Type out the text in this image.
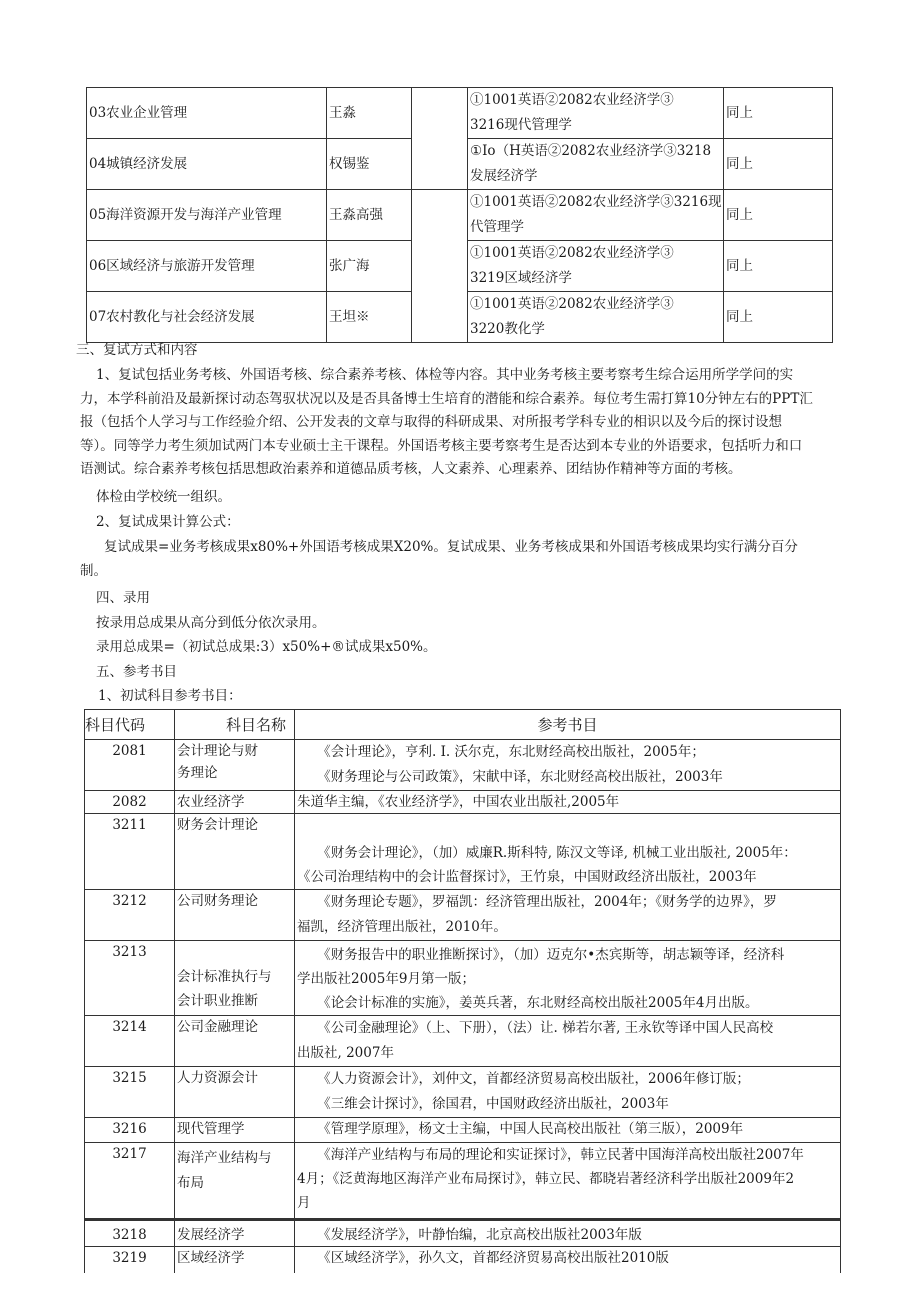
03农业企业管理	王淼		①1001英语②2082农业经济学③
3216现代管理学	同上
04城镇经济发展	权锡鉴		①Io（H英语②2082农业经济学③3218
发展经济学	同上
05海洋资源开发与海洋产业管理	王淼高强		①1001英语②2082农业经济学③3216现
代管理学	同上
06区域经济与旅游开发管理	张广海		①1001英语②2082农业经济学③
3219区域经济学	同上
07农村教化与社会经济发展	王坦※		①1001英语②2082农业经济学③
3220教化学	同上
三、复试方式和内容
1、复试包括业务考核、外国语考核、综合素养考核、体检等内容。其中业务考核主要考察考生综合运用所学学问的实
力，本学科前沿及最新探讨动态驾驭状况以及是否具备博士生培育的潜能和综合素养。每位考生需打算10分钟左右的PPT汇
报（包括个人学习与工作经验介绍、公开发表的文章与取得的科研成果、对所报考学科专业的相识以及今后的探讨设想
等）。同等学力考生须加试两门本专业硕士主干课程。外国语考核主要考察考生是否达到本专业的外语要求，包括听力和口
语测试。综合素养考核包括思想政治素养和道德品质考核，人文素养、心理素养、团结协作精神等方面的考核。
体检由学校统一组织。
2、复试成果计算公式：
复试成果=业务考核成果x80%+外国语考核成果X20%。复试成果、业务考核成果和外国语考核成果均实行满分百分
制。
四、录用
按录用总成果从高分到低分依次录用。
录用总成果=（初试总成果:3）x50%+®试成果x50%。
五、参考书目
1、初试科目参考书目：
科目代码	科目名称	参考书目
2081	会计理论与财
务理论	　　《会计理论》，亨利. I. 沃尔克，东北财经高校出版社，2005年；
　　《财务理论与公司政策》，宋献中译，东北财经高校出版社，2003年

2082	农业经济学	朱道华主编，《农业经济学》，中国农业出版社,2005年
3211	财务会计理论	　　《财务会计理论》，（加）威廉R.斯科特, 陈汉文等译, 机械工业出版社, 2005年：
《公司治理结构中的会计监督探讨》，王竹泉，中国财政经济出版社，2003年

3212	公司财务理论	　　《财务理论专题》，罗福凯：经济管理出版社，2004年；《财务学的边界》，罗
福凯，经济管理出版社，2010年。

3213	会计标准执行与
会计职业推断	　　《财务报告中的职业推断探讨》，（加）迈克尔•杰宾斯等，胡志颖等译，经济科
学出版社2005年9月第一版；
　　《论会计标准的实施》，姜英兵著，东北财经高校出版社2005年4月出版。

3214	公司金融理论	　　《公司金融理论》（上、下册），（法）让. 梯若尔著, 王永钦等译中国人民高校
出版社, 2007年

3215	人力资源会计	　　《人力资源会计》，刘仲文，首都经济贸易高校出版社，2006年修订版；
　　《三维会计探讨》，徐国君，中国财政经济出版社，2003年

3216	现代管理学	　　《管理学原理》，杨文士主编，中国人民高校出版社（第三版），2009年
3217	海洋产业结构与
布局	　　《海洋产业结构与布局的理论和实证探讨》，韩立民著中国海洋高校出版社2007年
4月；《泛黄海地区海洋产业布局探讨》，韩立民、都晓岩著经济科学出版社2009年2
月

3218	发展经济学	　　《发展经济学》，叶静怡编，北京高校出版社2003年版
3219	区域经济学	　　《区域经济学》，孙久文，首都经济贸易高校出版社2010版
